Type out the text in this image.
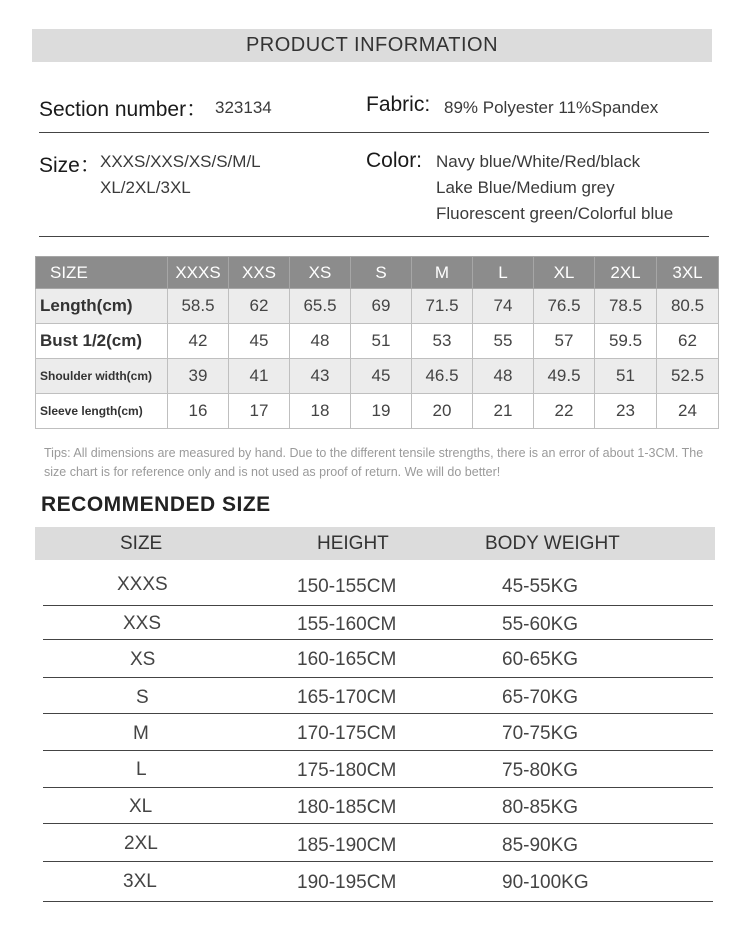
PRODUCT INFORMATION
Section number： 323134	Fabric: 89% Polyester 11%Spandex
Size： XXXS/XXS/XS/S/M/L
XL/2XL/3XL
Color: Navy blue/White/Red/black
Lake Blue/Medium grey
Fluorescent green/Colorful blue
SIZE	XXXS	XXS	XS	S	M	L	XL	2XL	3XL
Length(cm)	58.5	62	65.5	69	71.5	74	76.5	78.5	80.5
Bust 1/2(cm)	42	45	48	51	53	55	57	59.5	62
Shoulder width(cm)	39	41	43	45	46.5	48	49.5	51	52.5
Sleeve length(cm)	16	17	18	19	20	21	22	23	24
Tips: All dimensions are measured by hand. Due to the different tensile strengths, there is an error of about 1-3CM. The size chart is for reference only and is not used as proof of return. We will do better!
RECOMMENDED SIZE
SIZE	HEIGHT	BODY WEIGHT
XXXS	150-155CM	45-55KG
XXS	155-160CM	55-60KG
XS	160-165CM	60-65KG
S	165-170CM	65-70KG
M	170-175CM	70-75KG
L	175-180CM	75-80KG
XL	180-185CM	80-85KG
2XL	185-190CM	85-90KG
3XL	190-195CM	90-100KG
